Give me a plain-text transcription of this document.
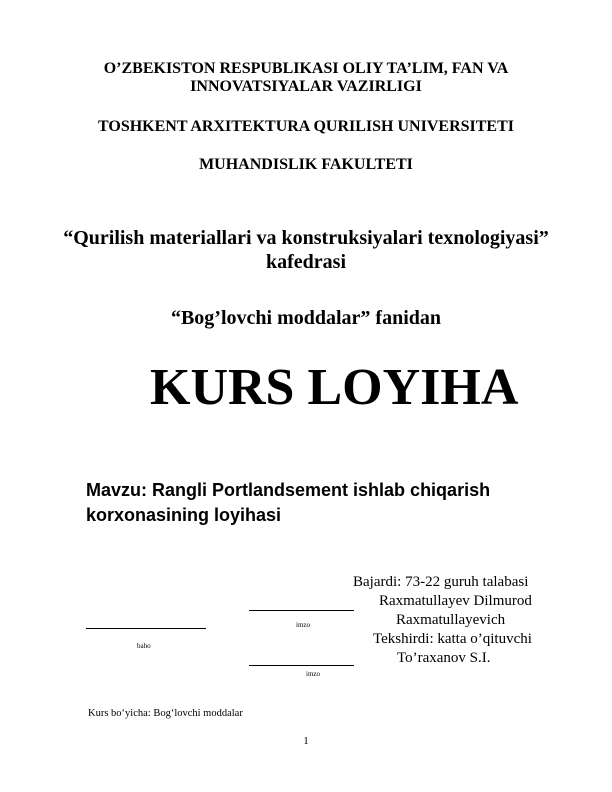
O’ZBEKISTON RESPUBLIKASI OLIY TA’LIM, FAN VA
INNOVATSIYALAR VAZIRLIGI
TOSHKENT ARXITEKTURA QURILISH UNIVERSITETI
MUHANDISLIK FAKULTETI
“Qurilish materiallari va konstruksiyalari texnologiyasi”
kafedrasi
“Bog’lovchi moddalar” fanidan
KURS LOYIHA
Mavzu: Rangli Portlandsement ishlab chiqarish
korxonasining loyihasi
Bajardi: 73-22 guruh talabasi
Raxmatullayev Dilmurod
Raxmatullayevich
Tekshirdi: katta o’qituvchi
To’raxanov S.I.
imzo
baho
imzo
Kurs bo‘yicha: Bog‘lovchi moddalar
1
